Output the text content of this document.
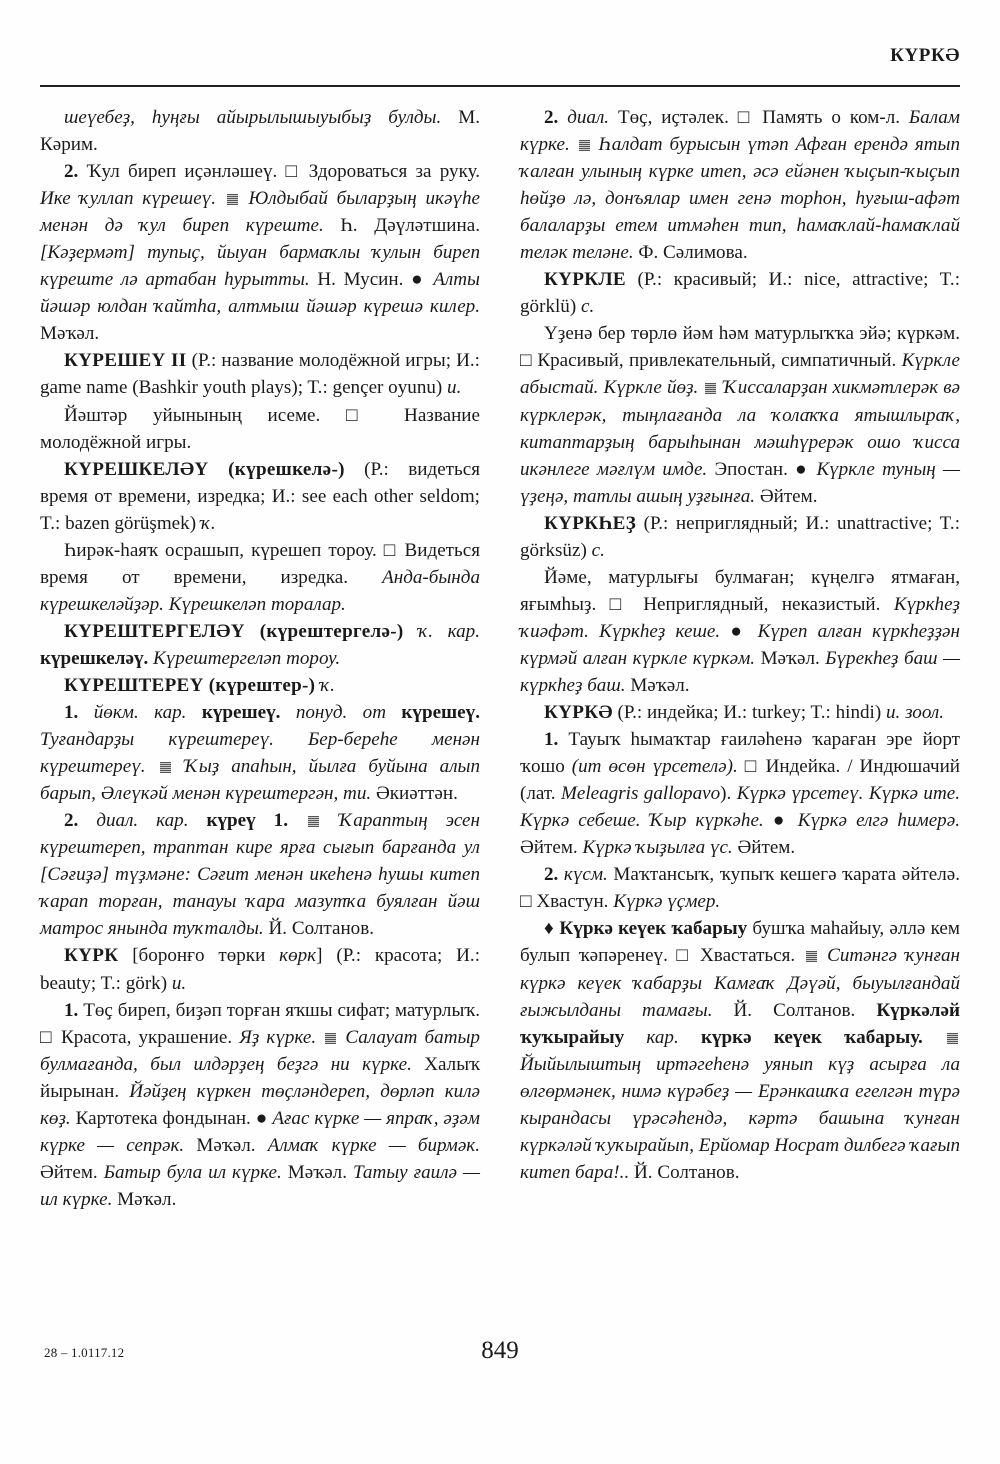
КҮРКӘ

шеүебеҙ, һуңғы айырылышыуыбыҙ булды. М. Кәрим.

2. Ҡул биреп иҫәнләшеү. □ Здороваться за руку. Ике ҡуллап күрешеү.  Юлдыбай быларҙың икәүһе менән дә ҡул биреп күреште. Һ. Дәүләтшина. [Кәҙермәт] тупыҫ, йыуан бармаҡлы ҡулын биреп күреште лә артабан һурытты. Н. Мусин. ● Алты йәшәр юлдан ҡайтһа, алтмыш йәшәр күрешә килер. Мәҡәл.

КҮРЕШЕҮ II (Р.: название молодёжной игры; И.: game name (Bashkir youth plays); T.: gençer oyunu) и.

Йәштәр уйынының исеме. □ Название молодёжной игры.

КҮРЕШКЕЛӘҮ (күрешкелә-) (Р.: видеться время от времени, изредка; И.: see each other seldom; T.: bazen görüşmek) ҡ.

Һирәк-һаяҡ осрашып, күрешеп тороу. □ Видеться время от времени, изредка. Анда-бында күрешкеләйҙәр. Күрешкеләп торалар.

КҮРЕШТЕРГЕЛӘҮ (күрештергелә-) ҡ. кар. күрешкеләү. Күрештергеләп тороу.

КҮРЕШТЕРЕҮ (күрештер-) ҡ.

1. йөкм. кар. күрешеү. понуд. от күрешеү. Туғандарҙы күрештереү. Бер-береһе менән күрештереү.  Ҡыҙ апаһын, йылға буйына алып барып, Әлеүкәй менән күрештергән, ти. Әкиәттән.

2. диал. кар. күреү 1.  Ҡараптың эсен күрештереп, траптан кире ярға сығып барғанда ул [Сәғиҙә] түҙмәне: Сәғит менән икеһенә һушы китеп ҡарап торған, танауы ҡара мазутҡа буялған йәш матрос янында туҡталды. Й. Солтанов.

КҮРК [боронғо төрки көрк] (Р.: красота; И.: beauty; T.: görk) и.

1. Төҫ биреп, биҙәп торған яҡшы сифат; матурлыҡ. □ Красота, украшение. Яҙ күрке.  Салауат батыр булмағанда, был илдәрҙең беҙгә ни күрке. Халыҡ йырынан. Йәйҙең күркен төҫләндереп, дөрләп килә көҙ. Картотека фондынан. ● Ағас күрке — япраҡ, әҙәм күрке — сепрәк. Мәҡәл. Алмаҡ күрке — бирмәк. Әйтем. Батыр була ил күрке. Мәҡәл. Татыу ғаилә — ил күрке. Мәҡәл.

2. диал. Төҫ, иҫтәлек. □ Память о ком-л. Балам күрке.  Һалдат бурысын үтәп Афған ерендә ятып ҡалған улының күрке итеп, әсә ейәнен ҡыҫып-ҡыҫып һөйҙө лә, донъялар имен генә торһон, һуғыш-афәт балаларҙы етем итмәһен тип, һамаҡлай-һамаҡлай теләк теләне. Ф. Сәлимова.

КҮРКЛЕ (Р.: красивый; И.: nice, attractive; T.: görklü) с.

Үҙенә бер төрлө йәм һәм матурлыҡҡа эйә; күркәм. □ Красивый, привлекательный, симпатичный. Күркле абыстай. Күркле йөҙ.  Ҡиссаларҙан хикмәтлерәк вә күрклерәк, тыңлағанда ла ҡолаҡҡа ятышлыраҡ, китаптарҙың барыһынан мәшһүрерәк ошо ҡисса икәнлеге мәғлүм имде. Эпостан. ● Күркле туның — үҙеңә, татлы ашың уҙғынға. Әйтем.

КҮРКҺЕҘ (Р.: неприглядный; И.: unattractive; T.: görksüz) с.

Йәме, матурлығы булмаған; күңелгә ятмаған, яғымһыҙ. □ Неприглядный, неказистый. Күркһеҙ ҡиәфәт. Күркһеҙ кеше. ● Күреп алған күркһеҙҙән күрмәй алған күркле күркәм. Мәҡәл. Бүрекһеҙ баш — күркһеҙ баш. Мәҡәл.

КҮРКӘ (Р.: индейка; И.: turkey; T.: hindi) и. зоол.

1. Тауыҡ һымаҡтар ғаиләһенә ҡараған эре йорт ҡошо (ит өсөн үрсетелә). □ Индейка. / Индюшачий (лат. Meleagris gallopavo). Күркә үрсетеү. Күркә ите. Күркә себеше. Ҡыр күркәһе. ● Күркә елгә һимерә. Әйтем. Күркә ҡыҙылға үс. Әйтем.

2. күсм. Маҡтансыҡ, ҡупыҡ кешегә ҡарата әйтелә. □ Хвастун. Күркә үҫмер.

♦ Күркә кеүек ҡабарыу бушҡа маһайыу, әллә кем булып ҡәпәренеү. □ Хвастаться.  Ситәнгә ҡунған күркә кеүек ҡабарҙы Камғаҡ Дәүәй, быуылғандай ғыжылданы тамағы. Й. Солтанов. Күркәләй ҡуҡырайыу кар. күркә кеүек ҡабарыу.  Йыйылыштың иртәгеһенә уянып күҙ асырға ла өлгөрмәнек, нимә күрәбеҙ — Ерәнкашҡа егелгән түрә кырандасы үрәсәһендә, кәртә башына ҡунған күркәләй ҡуҡырайып, Ерйомар Носрат дилбегә ҡағып китеп бара!.. Й. Солтанов.

28 – 1.0117.12	849
